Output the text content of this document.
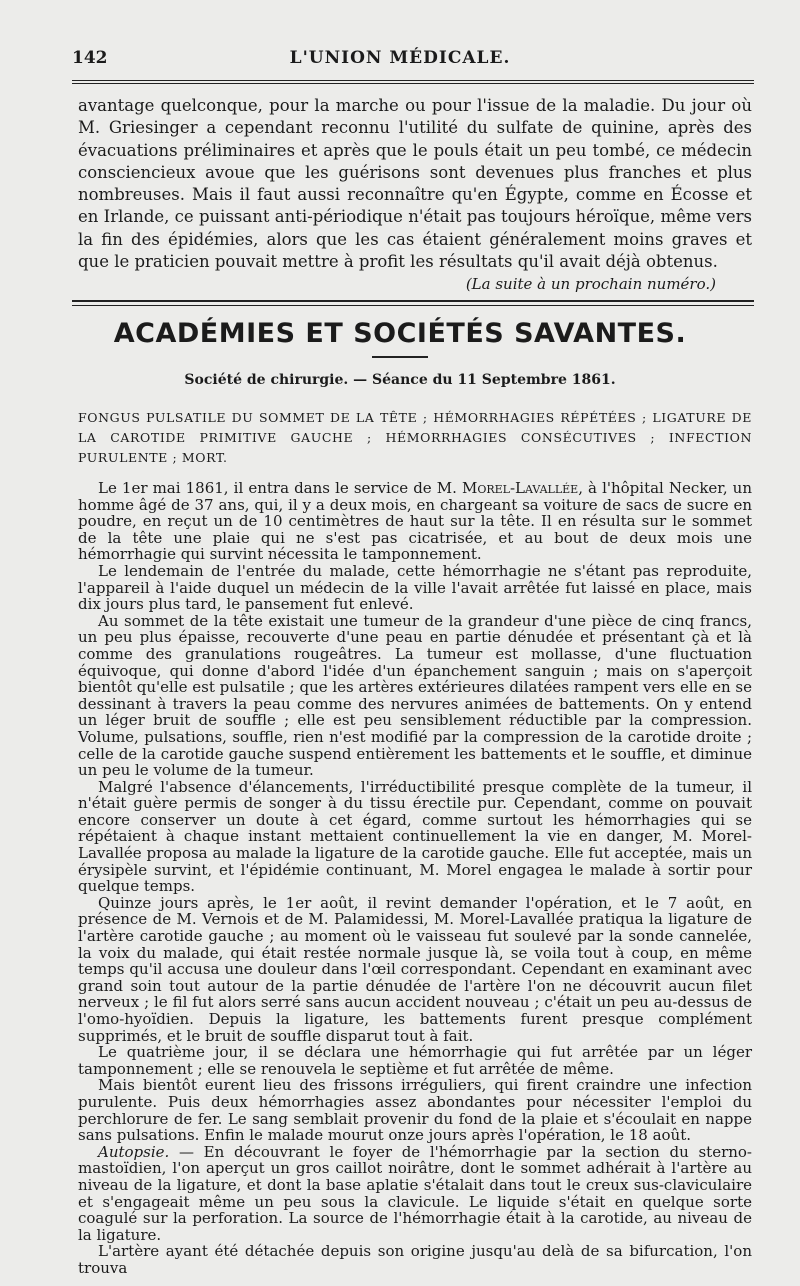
142	L'UNION MÉDICALE.

avantage quelconque, pour la marche ou pour l'issue de la maladie. Du jour où M. Griesinger a cependant reconnu l'utilité du sulfate de quinine, après des évacuations préliminaires et après que le pouls était un peu tombé, ce médecin consciencieux avoue que les guérisons sont devenues plus franches et plus nombreuses. Mais il faut aussi reconnaître qu'en Égypte, comme en Écosse et en Irlande, ce puissant anti-périodique n'était pas toujours héroïque, même vers la fin des épidémies, alors que les cas étaient généralement moins graves et que le praticien pouvait mettre à profit les résultats qu'il avait déjà obtenus.

(La suite à un prochain numéro.)
ACADÉMIES ET SOCIÉTÉS SAVANTES.
Société de chirurgie. — Séance du 11 Septembre 1861.
FONGUS PULSATILE DU SOMMET DE LA TÊTE ; HÉMORRHAGIES RÉPÉTÉES ; LIGATURE DE LA CAROTIDE PRIMITIVE GAUCHE ; HÉMORRHAGIES CONSÉCUTIVES ; INFECTION PURULENTE ; MORT.

Le 1er mai 1861, il entra dans le service de M. Morel-Lavallée, à l'hôpital Necker, un homme âgé de 37 ans, qui, il y a deux mois, en chargeant sa voiture de sacs de sucre en poudre, en reçut un de 10 centimètres de haut sur la tête. Il en résulta sur le sommet de la tête une plaie qui ne s'est pas cicatrisée, et au bout de deux mois une hémorrhagie qui survint nécessita le tamponnement.

Le lendemain de l'entrée du malade, cette hémorrhagie ne s'étant pas reproduite, l'appareil à l'aide duquel un médecin de la ville l'avait arrêtée fut laissé en place, mais dix jours plus tard, le pansement fut enlevé.

Au sommet de la tête existait une tumeur de la grandeur d'une pièce de cinq francs, un peu plus épaisse, recouverte d'une peau en partie dénudée et présentant çà et là comme des granulations rougeâtres. La tumeur est mollasse, d'une fluctuation équivoque, qui donne d'abord l'idée d'un épanchement sanguin ; mais on s'aperçoit bientôt qu'elle est pulsatile ; que les artères extérieures dilatées rampent vers elle en se dessinant à travers la peau comme des nervures animées de battements. On y entend un léger bruit de souffle ; elle est peu sensiblement réductible par la compression. Volume, pulsations, souffle, rien n'est modifié par la compression de la carotide droite ; celle de la carotide gauche suspend entièrement les battements et le souffle, et diminue un peu le volume de la tumeur.

Malgré l'absence d'élancements, l'irréductibilité presque complète de la tumeur, il n'était guère permis de songer à du tissu érectile pur. Cependant, comme on pouvait encore conserver un doute à cet égard, comme surtout les hémorrhagies qui se répétaient à chaque instant mettaient continuellement la vie en danger, M. Morel-Lavallée proposa au malade la ligature de la carotide gauche. Elle fut acceptée, mais un érysipèle survint, et l'épidémie continuant, M. Morel engagea le malade à sortir pour quelque temps.

Quinze jours après, le 1er août, il revint demander l'opération, et le 7 août, en présence de M. Vernois et de M. Palamidessi, M. Morel-Lavallée pratiqua la ligature de l'artère carotide gauche ; au moment où le vaisseau fut soulevé par la sonde cannelée, la voix du malade, qui était restée normale jusque là, se voila tout à coup, en même temps qu'il accusa une douleur dans l'œil correspondant. Cependant en examinant avec grand soin tout autour de la partie dénudée de l'artère l'on ne découvrit aucun filet nerveux ; le fil fut alors serré sans aucun accident nouveau ; c'était un peu au-dessus de l'omo-hyoïdien. Depuis la ligature, les battements furent presque complément supprimés, et le bruit de souffle disparut tout à fait.

Le quatrième jour, il se déclara une hémorrhagie qui fut arrêtée par un léger tamponnement ; elle se renouvela le septième et fut arrêtée de même.

Mais bientôt eurent lieu des frissons irréguliers, qui firent craindre une infection purulente. Puis deux hémorrhagies assez abondantes pour nécessiter l'emploi du perchlorure de fer. Le sang semblait provenir du fond de la plaie et s'écoulait en nappe sans pulsations. Enfin le malade mourut onze jours après l'opération, le 18 août.

Autopsie. — En découvrant le foyer de l'hémorrhagie par la section du sterno-mastoïdien, l'on aperçut un gros caillot noirâtre, dont le sommet adhérait à l'artère au niveau de la ligature, et dont la base aplatie s'étalait dans tout le creux sus-claviculaire et s'engageait même un peu sous la clavicule. Le liquide s'était en quelque sorte coagulé sur la perforation. La source de l'hémorrhagie était à la carotide, au niveau de la ligature.

L'artère ayant été détachée depuis son origine jusqu'au delà de sa bifurcation, l'on trouva
